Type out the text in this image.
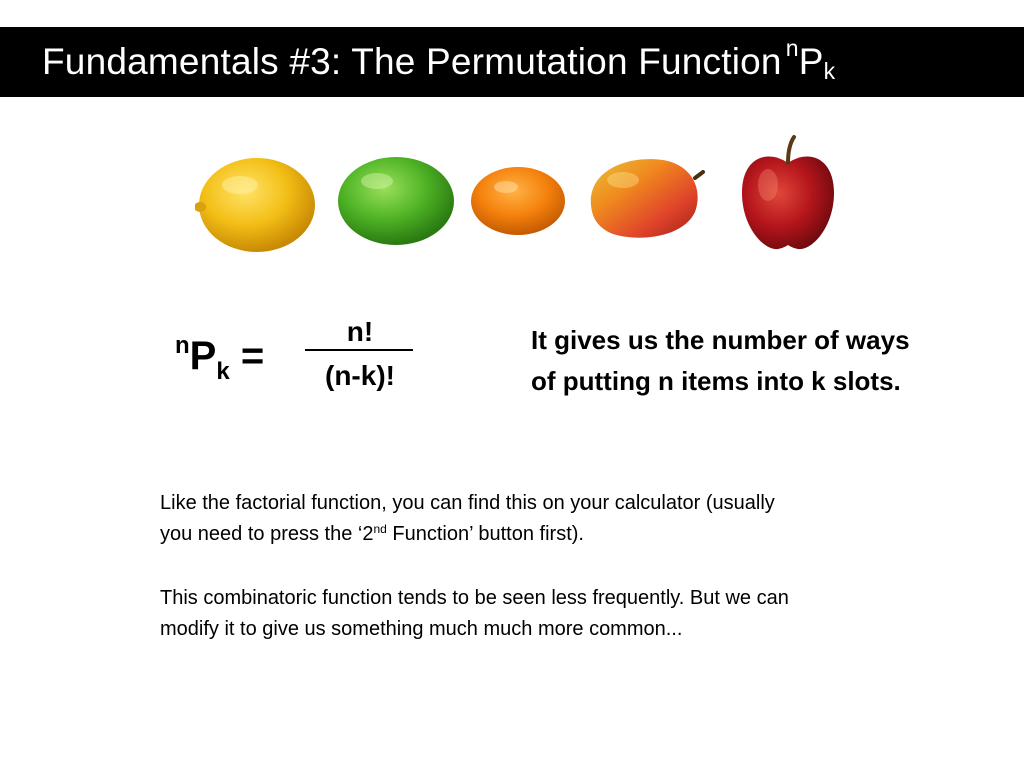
Fundamentals #3: The Permutation Function $^n$ $P_k$
$^nP_k$ =
n!
(n-k)!
It gives us the number of ways
of putting n items into k slots.

Like the factorial function, you can find this on your calculator (usually

you need to press the ‘2nd Function’ button first).

This combinatoric function tends to be seen less frequently. But we can

modify it to give us something much much more common...
